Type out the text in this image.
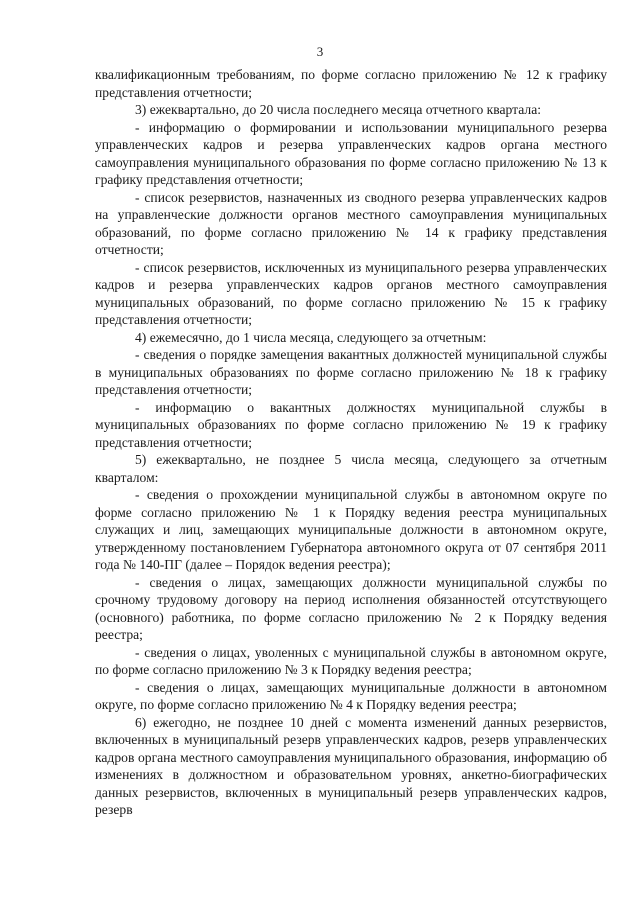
3

квалификационным требованиям, по форме согласно приложению № 12 к графику представления отчетности;

3) ежеквартально, до 20 числа последнего месяца отчетного квартала:

- информацию о формировании и использовании муниципального резерва управленческих кадров и резерва управленческих кадров органа местного самоуправления муниципального образования по форме согласно приложению № 13 к графику представления отчетности;

- список резервистов, назначенных из сводного резерва управленческих кадров на управленческие должности органов местного самоуправления муниципальных образований, по форме согласно приложению № 14 к графику представления отчетности;

- список резервистов, исключенных из муниципального резерва управленческих кадров и резерва управленческих кадров органов местного самоуправления муниципальных образований, по форме согласно приложению № 15 к графику представления отчетности;

4) ежемесячно, до 1 числа месяца, следующего за отчетным:

- сведения о порядке замещения вакантных должностей муниципальной службы в муниципальных образованиях по форме согласно приложению № 18 к графику представления отчетности;

- информацию о вакантных должностях муниципальной службы в муниципальных образованиях по форме согласно приложению № 19 к графику представления отчетности;

5) ежеквартально, не позднее 5 числа месяца, следующего за отчетным кварталом:

- сведения о прохождении муниципальной службы в автономном округе по форме согласно приложению № 1 к Порядку ведения реестра муниципальных служащих и лиц, замещающих муниципальные должности в автономном округе, утвержденному постановлением Губернатора автономного округа от 07 сентября 2011 года № 140-ПГ (далее – Порядок ведения реестра);

- сведения о лицах, замещающих должности муниципальной службы по срочному трудовому договору на период исполнения обязанностей отсутствующего (основного) работника, по форме согласно приложению № 2 к Порядку ведения реестра;

- сведения о лицах, уволенных с муниципальной службы в автономном округе, по форме согласно приложению № 3 к Порядку ведения реестра;

- сведения о лицах, замещающих муниципальные должности в автономном округе, по форме согласно приложению № 4 к Порядку ведения реестра;

6) ежегодно, не позднее 10 дней с момента изменений данных резервистов, включенных в муниципальный резерв управленческих кадров, резерв управленческих кадров органа местного самоуправления муниципального образования, информацию об изменениях в должностном и образовательном уровнях, анкетно-биографических данных резервистов, включенных в муниципальный резерв управленческих кадров, резерв
